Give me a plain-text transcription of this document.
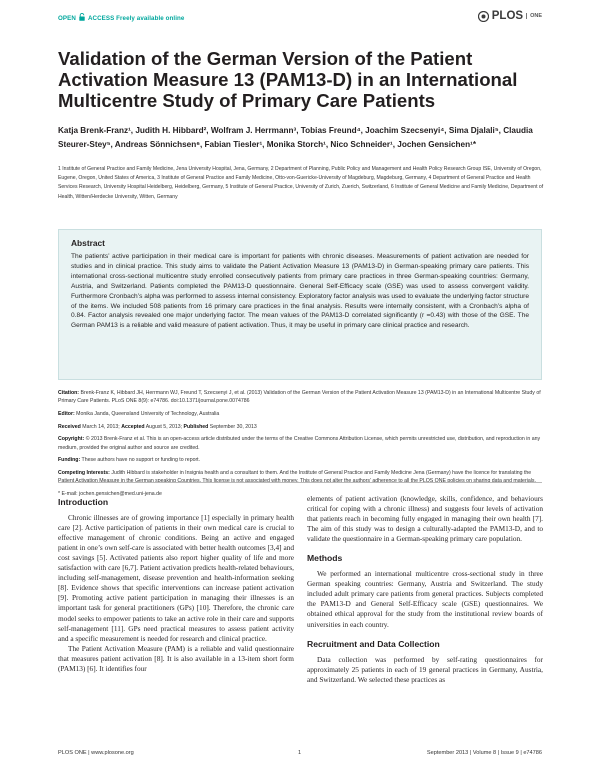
OPEN ACCESS Freely available online	PLOS	ONE
Validation of the German Version of the Patient Activation Measure 13 (PAM13-D) in an International Multicentre Study of Primary Care Patients
Katja Brenk-Franz¹, Judith H. Hibbard², Wolfram J. Herrmann³, Tobias Freund⁴, Joachim Szecsenyi⁴, Sima Djalali⁵, Claudia Steurer-Stey⁵, Andreas Sönnichsen⁶, Fabian Tiesler¹, Monika Storch¹, Nico Schneider¹, Jochen Gensichen¹*
1 Institute of General Practice and Family Medicine, Jena University Hospital, Jena, Germany, 2 Department of Planning, Public Policy and Management and Health Policy Research Group ISE, University of Oregon, Eugene, Oregon, United States of America, 3 Institute of General Practice and Family Medicine, Otto-von-Guericke-University of Magdeburg, Magdeburg, Germany, 4 Department of General Practice and Health Services Research, University Hospital Heidelberg, Heidelberg, Germany, 5 Institute of General Practice, University of Zurich, Zuerich, Switzerland, 6 Institute of General Medicine and Family Medicine, Department of Health, Witten/Herdecke University, Witten, Germany
Abstract

The patients’ active participation in their medical care is important for patients with chronic diseases. Measurements of patient activation are needed for studies and in clinical practice. This study aims to validate the Patient Activation Measure 13 (PAM13-D) in German-speaking primary care patients. This international cross-sectional multicentre study enrolled consecutively patients from primary care practices in three German-speaking countries: Germany, Austria, and Switzerland. Patients completed the PAM13-D questionnaire. General Self-Efficacy scale (GSE) was used to assess convergent validity. Furthermore Cronbach’s alpha was performed to assess internal consistency. Exploratory factor analysis was used to evaluate the underlying factor structure of the items. We included 508 patients from 16 primary care practices in the final analysis. Results were internally consistent, with a Cronbach’s alpha of 0.84. Factor analysis revealed one major underlying factor. The mean values of the PAM13-D correlated significantly (r =0.43) with those of the GSE. The German PAM13 is a reliable and valid measure of patient activation. Thus, it may be useful in primary care clinical practice and research.

Citation: Brenk-Franz K, Hibbard JH, Herrmann WJ, Freund T, Szecsenyi J, et al. (2013) Validation of the German Version of the Patient Activation Measure 13 (PAM13-D) in an International Multicentre Study of Primary Care Patients. PLoS ONE 8(9): e74786. doi:10.1371/journal.pone.0074786

Editor: Monika Janda, Queensland University of Technology, Australia

Received March 14, 2013; Accepted August 5, 2013; Published September 30, 2013

Copyright: © 2013 Brenk-Franz et al. This is an open-access article distributed under the terms of the Creative Commons Attribution License, which permits unrestricted use, distribution, and reproduction in any medium, provided the original author and source are credited.

Funding: These authors have no support or funding to report.

Competing Interests: Judith Hibbard is stakeholder in Insignia health and a consultant to them. And the Institute of General Practice and Family Medicine Jena (Germany) have the licence for translating the Patient Activation Measure in the German speaking Countries. This license is not associated with money. This does not alter the authors’ adherence to all the PLOS ONE policies on sharing data and materials.

* E-mail: jochen.gensichen@med.uni-jena.de

Introduction

Chronic illnesses are of growing importance [1] especially in primary health care [2]. Active participation of patients in their own medical care is crucial to effective management of chronic conditions. Being an active and engaged patient in one’s own self-care is associated with better health outcomes [3,4] and cost savings [5]. Activated patients also report higher quality of life and more satisfaction with care [6,7]. Patient activation predicts health-related behaviours, including self-management, disease prevention and health-information seeking [8]. Evidence shows that specific interventions can increase patient activation [9]. Promoting active patient participation in managing their illnesses is an important task for general practitioners (GPs) [10]. Therefore, the chronic care model seeks to empower patients to take an active role in their care and supports self-management [11]. GPs need practical measures to assess patient activity and a specific measurement is needed for research and clinical practice.

The Patient Activation Measure (PAM) is a reliable and valid questionnaire that measures patient activation [8]. It is also available in a 13-item short form (PAM13) [6]. It identifies four

elements of patient activation (knowledge, skills, confidence, and behaviours critical for coping with a chronic illness) and suggests four levels of activation that patients reach in becoming fully engaged in managing their own health [7]. The aim of this study was to design a culturally-adapted the PAM13-D, and to validate the questionnaire in a German-speaking primary care population.

Methods

We performed an international multicentre cross-sectional study in three German speaking countries: Germany, Austria and Switzerland. The study included adult primary care patients from general practices. Subjects completed the PAM13-D and General Self-Efficacy scale (GSE) questionnaires. We obtained ethical approval for the study from the institutional review boards of universities in each country.

Recruitment and Data Collection

Data collection was performed by self-rating questionnaires for approximately 25 patients in each of 19 general practices in Germany, Austria, and Switzerland. We selected these practices as

PLOS ONE | www.plosone.org	1	September 2013 | Volume 8 | Issue 9 | e74786
